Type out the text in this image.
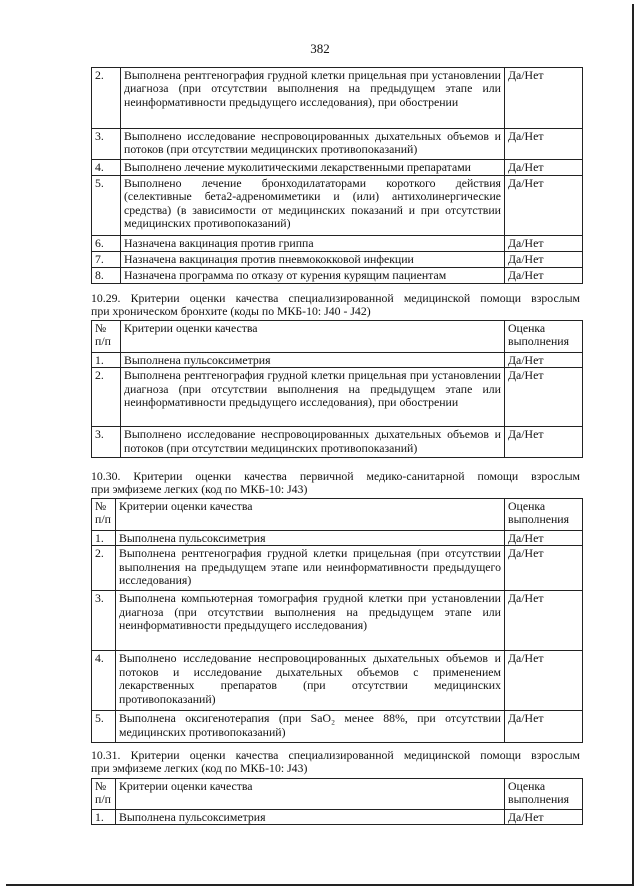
382
2.	Выполнена рентгенография грудной клетки прицельная при установлении диагноза (при отсутствии выполнения на предыдущем этапе или неинформативности предыдущего исследования), при обострении	Да/Нет
3.	Выполнено исследование неспровоцированных дыхательных объемов и потоков (при отсутствии медицинских противопоказаний)	Да/Нет
4.	Выполнено лечение муколитическими лекарственными препаратами	Да/Нет
5.	Выполнено лечение бронходилататорами короткого действия (селективные бета2-адреномиметики и (или) антихолинергические средства) (в зависимости от медицинских показаний и при отсутствии медицинских противопоказаний)	Да/Нет
6.	Назначена вакцинация против гриппа	Да/Нет
7.	Назначена вакцинация против пневмококковой инфекции	Да/Нет
8.	Назначена программа по отказу от курения курящим пациентам	Да/Нет
10.29. Критерии оценки качества специализированной медицинской помощи взрослым
при хроническом бронхите (коды по МКБ-10: J40 - J42)
№ п/п	Критерии оценки качества	Оценка выполнения
1.	Выполнена пульсоксиметрия	Да/Нет
2.	Выполнена рентгенография грудной клетки прицельная при установлении диагноза (при отсутствии выполнения на предыдущем этапе или неинформативности предыдущего исследования), при обострении	Да/Нет
3.	Выполнено исследование неспровоцированных дыхательных объемов и потоков (при отсутствии медицинских противопоказаний)	Да/Нет
10.30. Критерии оценки качества первичной медико-санитарной помощи взрослым
при эмфиземе легких (код по МКБ-10: J43)
№ п/п	Критерии оценки качества	Оценка выполнения
1.	Выполнена пульсоксиметрия	Да/Нет
2.	Выполнена рентгенография грудной клетки прицельная (при отсутствии выполнения на предыдущем этапе или неинформативности предыдущего исследования)	Да/Нет
3.	Выполнена компьютерная томография грудной клетки при установлении диагноза (при отсутствии выполнения на предыдущем этапе или неинформативности предыдущего исследования)	Да/Нет
4.	Выполнено исследование неспровоцированных дыхательных объемов и потоков и исследование дыхательных объемов с применением лекарственных препаратов (при отсутствии медицинских противопоказаний)	Да/Нет
5.	Выполнена оксигенотерапия (при SaO₂ менее 88%, при отсутствии медицинских противопоказаний)	Да/Нет
10.31. Критерии оценки качества специализированной медицинской помощи взрослым
при эмфиземе легких (код по МКБ-10: J43)
№ п/п	Критерии оценки качества	Оценка выполнения
1.	Выполнена пульсоксиметрия	Да/Нет
